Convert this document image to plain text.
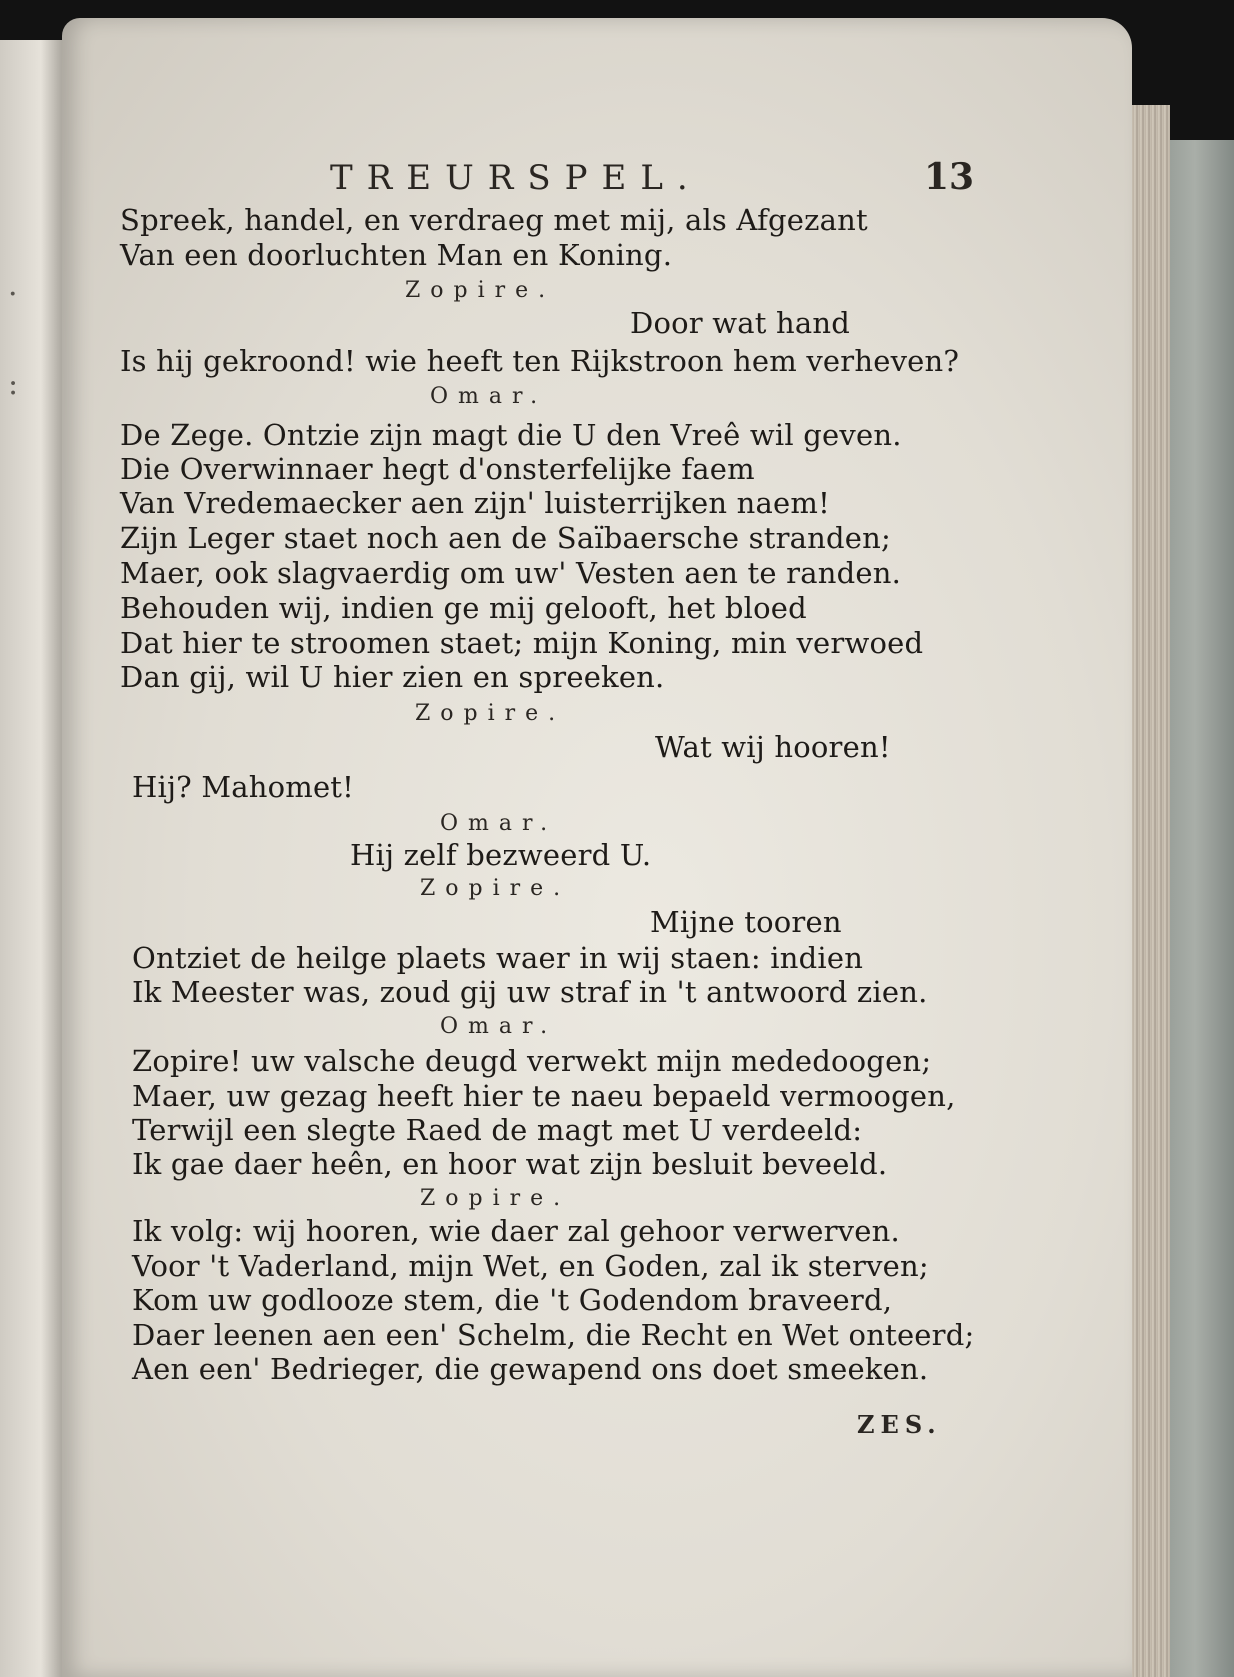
·
:
TREURSPEL.	13
Spreek, handel, en verdraeg met mij, als Afgezant
Van een doorluchten Man en Koning.
Zopire.
Door wat hand
Is hij gekroond! wie heeft ten Rijkstroon hem verheven?
Omar.
De Zege. Ontzie zijn magt die U den Vreê wil geven.
Die Overwinnaer hegt d'onsterfelijke faem
Van Vredemaecker aen zijn' luisterrijken naem!
Zijn Leger staet noch aen de Saïbaersche stranden;
Maer, ook slagvaerdig om uw' Vesten aen te randen.
Behouden wij, indien ge mij gelooft, het bloed
Dat hier te stroomen staet; mijn Koning, min verwoed
Dan gij, wil U hier zien en spreeken.
Zopire.
Wat wij hooren!
Hij? Mahomet!
Omar.
Hij zelf bezweerd U.
Zopire.
Mijne tooren
Ontziet de heilge plaets waer in wij staen: indien
Ik Meester was, zoud gij uw straf in 't antwoord zien.
Omar.
Zopire! uw valsche deugd verwekt mijn mededoogen;
Maer, uw gezag heeft hier te naeu bepaeld vermoogen,
Terwijl een slegte Raed de magt met U verdeeld:
Ik gae daer heên, en hoor wat zijn besluit beveeld.
Zopire.
Ik volg: wij hooren, wie daer zal gehoor verwerven.
Voor 't Vaderland, mijn Wet, en Goden, zal ik sterven;
Kom uw godlooze stem, die 't Godendom braveerd,
Daer leenen aen een' Schelm, die Recht en Wet onteerd;
Aen een' Bedrieger, die gewapend ons doet smeeken.
ZES.
